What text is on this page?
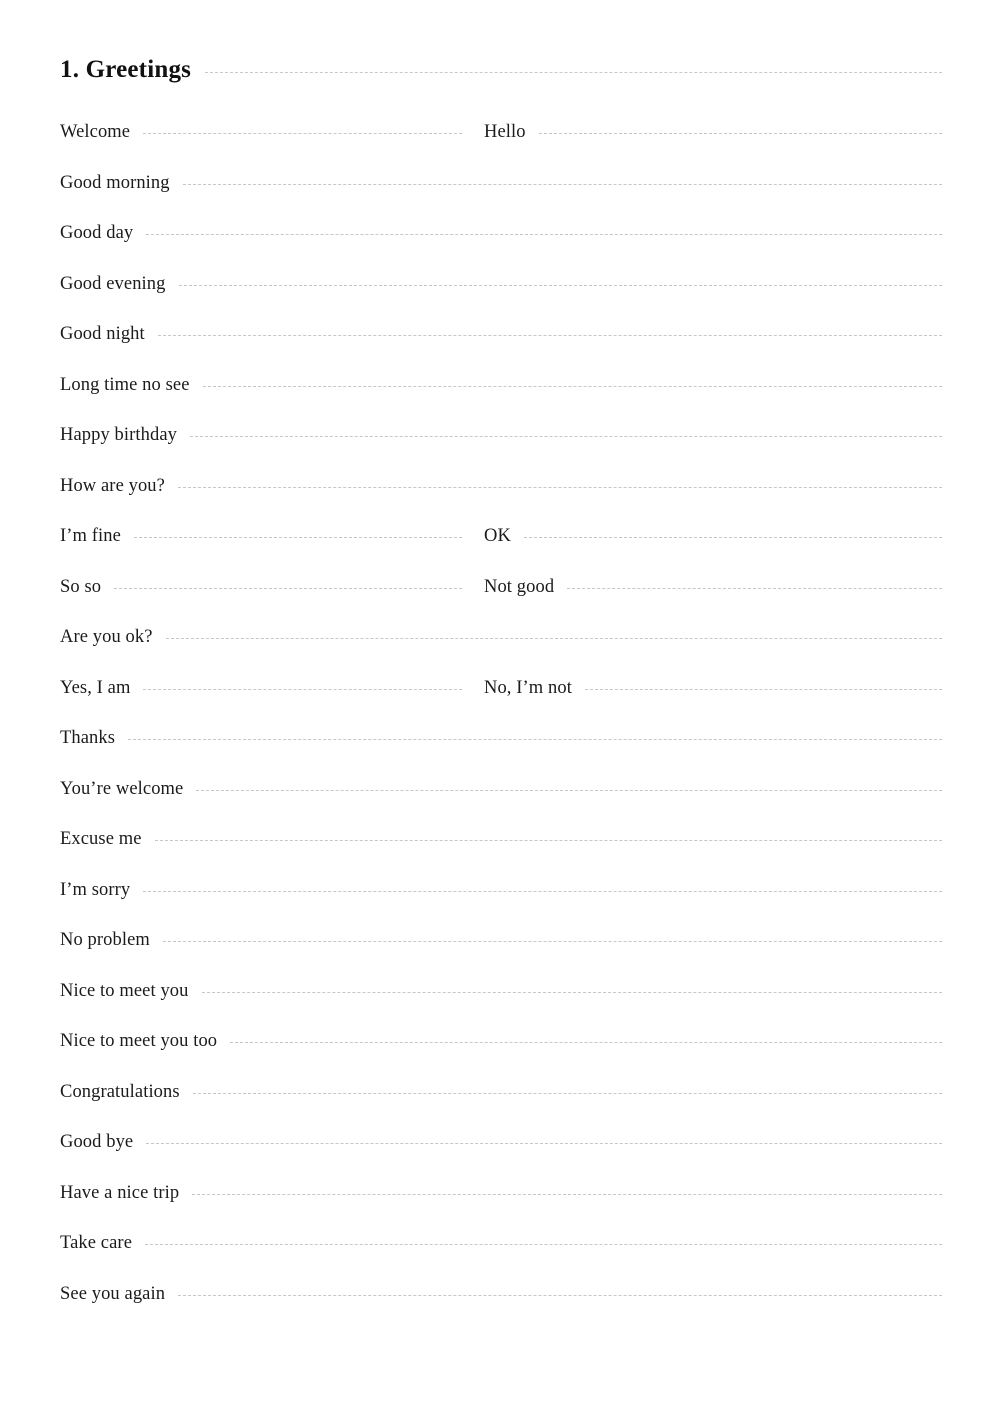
1. Greetings
Welcome	Hello
Good morning
Good day
Good evening
Good night
Long time no see
Happy birthday
How are you?
I’m fine	OK
So so	Not good
Are you ok?
Yes, I am	No, I’m not
Thanks
You’re welcome
Excuse me
I’m sorry
No problem
Nice to meet you
Nice to meet you too
Congratulations
Good bye
Have a nice trip
Take care
See you again
